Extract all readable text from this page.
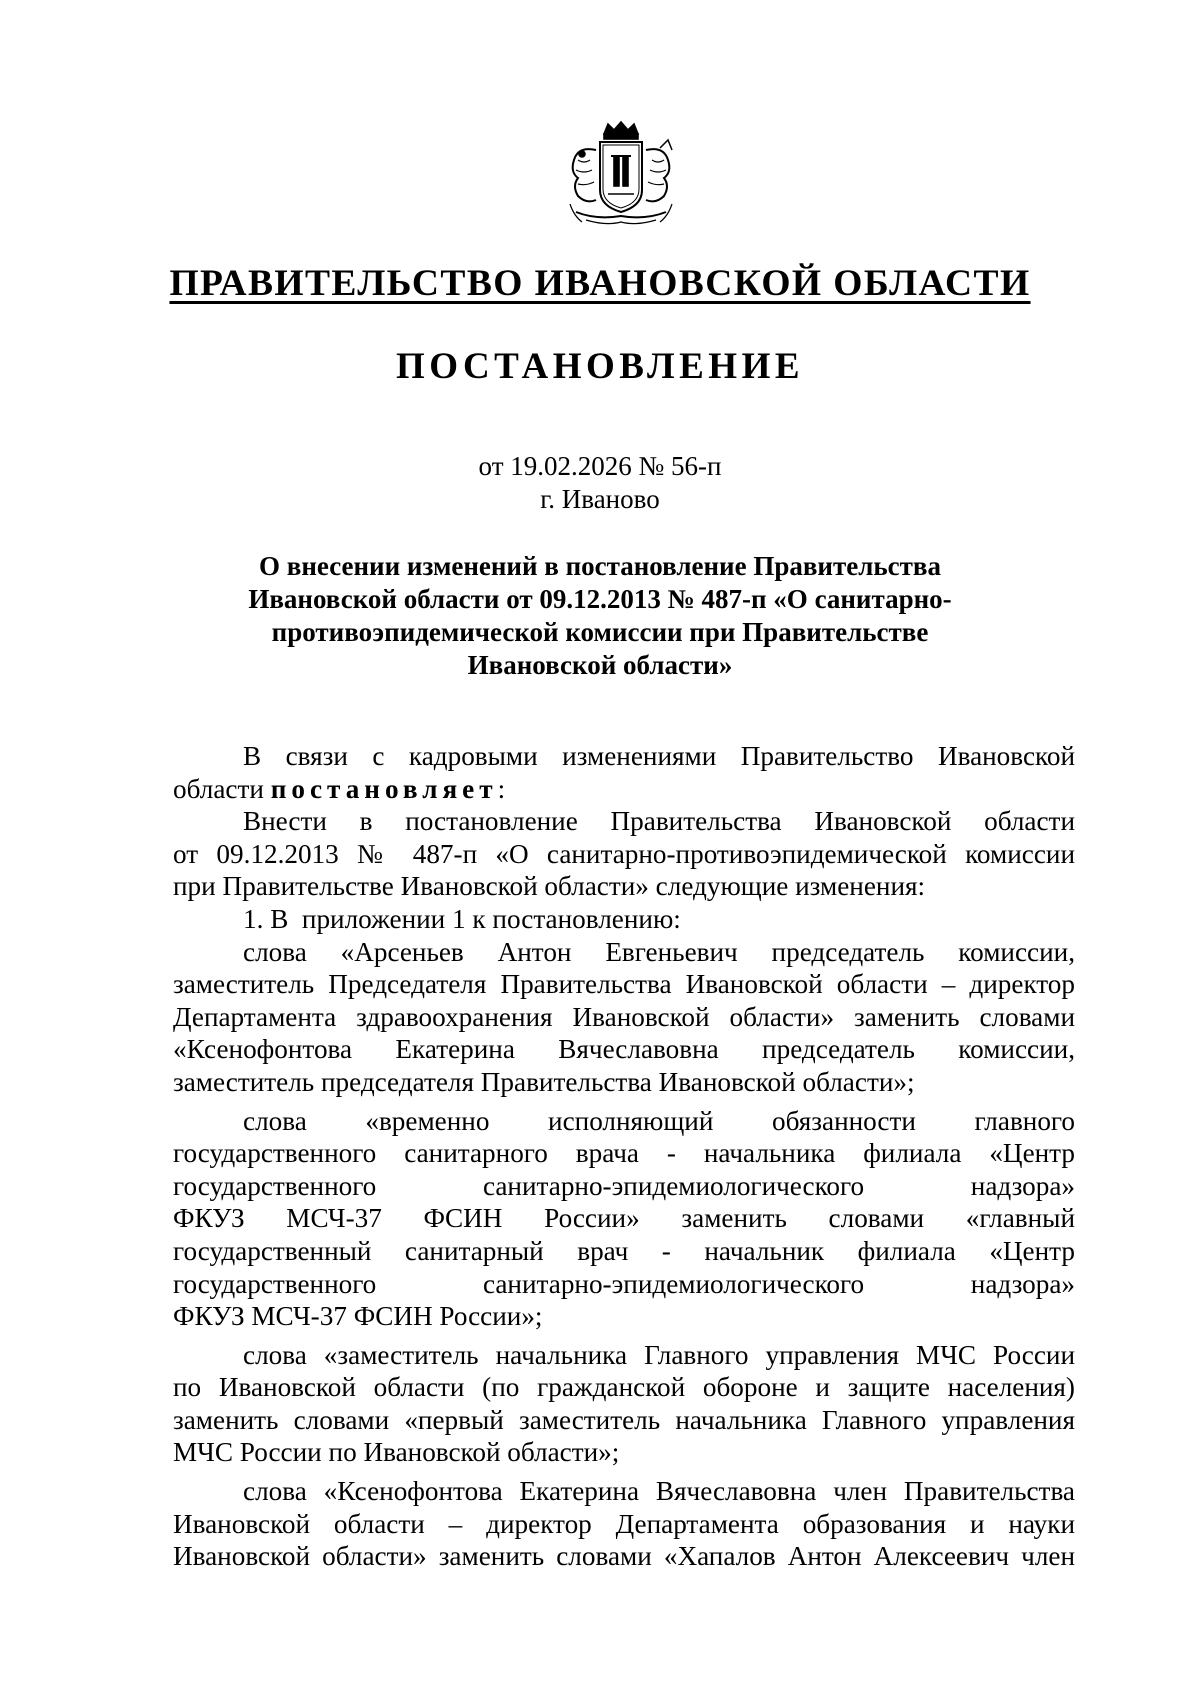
ПРАВИТЕЛЬСТВО ИВАНОВСКОЙ ОБЛАСТИ
ПОСТАНОВЛЕНИЕ
от 19.02.2026 № 56-п
г. Иваново
О внесении изменений в постановление Правительства
Ивановской области от 09.12.2013 № 487-п «О санитарно-
противоэпидемической комиссии при Правительстве
Ивановской области»
В связи с кадровыми изменениями Правительство Ивановской
области постановляет:
Внести в постановление Правительства Ивановской области
от 09.12.2013 № 487-п «О санитарно-противоэпидемической комиссии
при Правительстве Ивановской области» следующие изменения:
1. В  приложении 1 к постановлению:
слова «Арсеньев Антон Евгеньевич председатель комиссии,
заместитель Председателя Правительства Ивановской области – директор
Департамента здравоохранения Ивановской области» заменить словами
«Ксенофонтова Екатерина Вячеславовна председатель комиссии,
заместитель председателя Правительства Ивановской области»;
слова «временно исполняющий обязанности главного
государственного санитарного врача - начальника филиала «Центр
государственного санитарно-эпидемиологического надзора»
ФКУЗ МСЧ-37 ФСИН России» заменить словами «главный
государственный санитарный врач - начальник филиала «Центр
государственного санитарно-эпидемиологического надзора»
ФКУЗ МСЧ-37 ФСИН России»;
слова «заместитель начальника Главного управления МЧС России
по Ивановской области (по гражданской обороне и защите населения)
заменить словами «первый заместитель начальника Главного управления
МЧС России по Ивановской области»;
слова «Ксенофонтова Екатерина Вячеславовна член Правительства
Ивановской области – директор Департамента образования и науки
Ивановской области» заменить словами «Хапалов Антон Алексеевич член
